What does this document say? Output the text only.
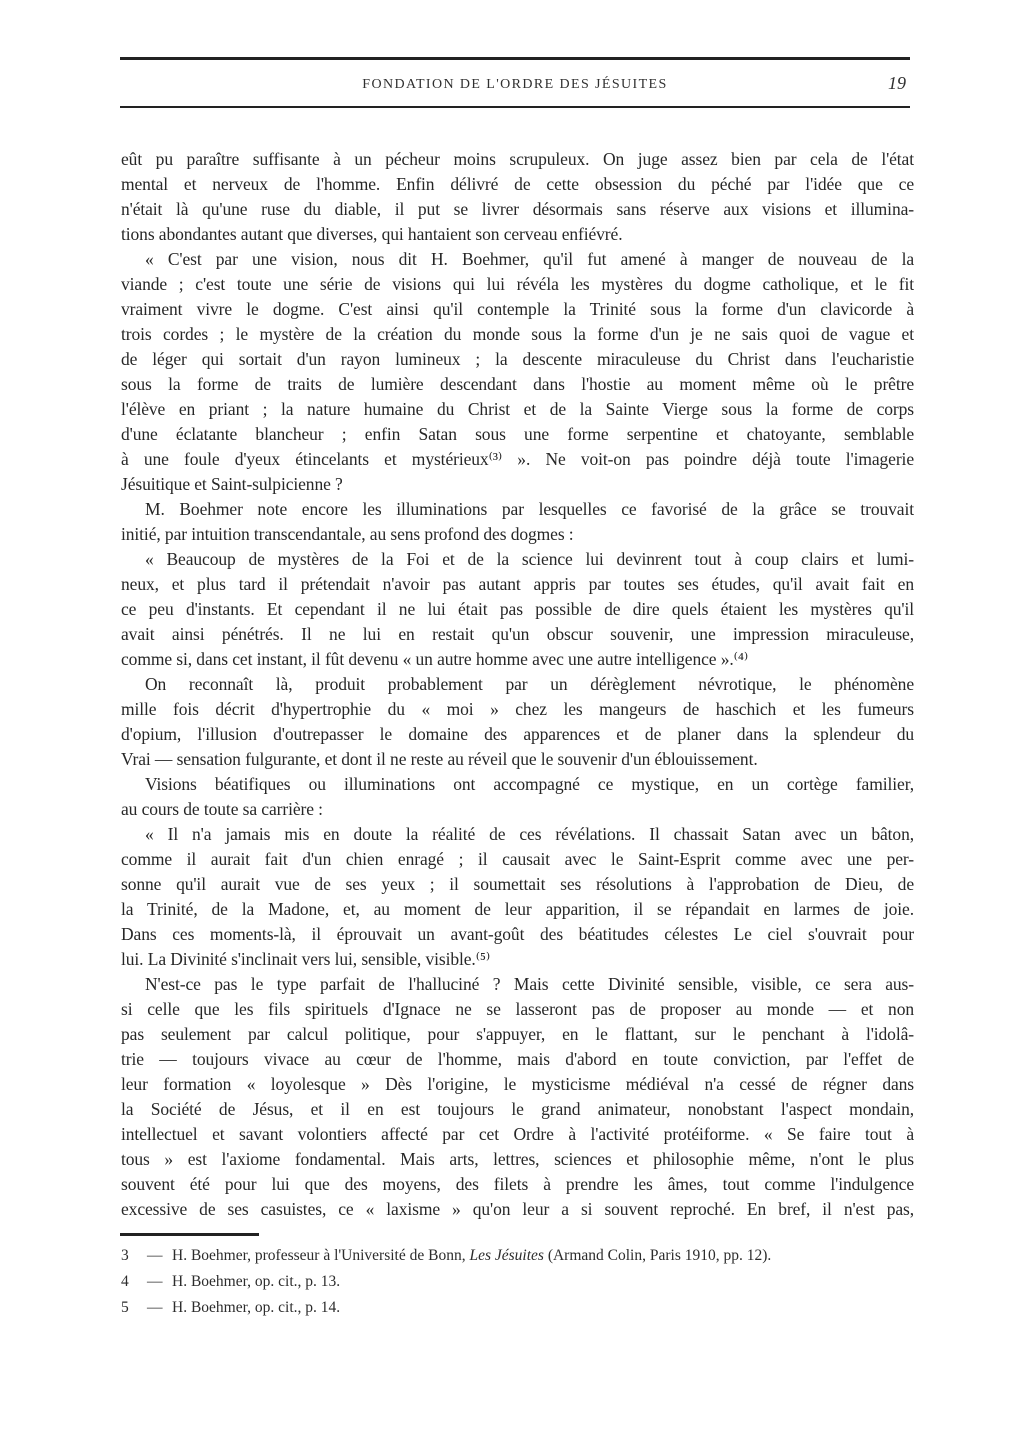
FONDATION DE L'ORDRE DES JÉSUITES	19
eût pu paraître suffisante à un pécheur moins scrupuleux. On juge assez bien par cela de l'état
mental et nerveux de l'homme. Enfin délivré de cette obsession du péché par l'idée que ce
n'était là qu'une ruse du diable, il put se livrer désormais sans réserve aux visions et illumina-
tions abondantes autant que diverses, qui hantaient son cerveau enfiévré.
« C'est par une vision, nous dit H. Boehmer, qu'il fut amené à manger de nouveau de la
viande ; c'est toute une série de visions qui lui révéla les mystères du dogme catholique, et le fit
vraiment vivre le dogme. C'est ainsi qu'il contemple la Trinité sous la forme d'un clavicorde à
trois cordes ; le mystère de la création du monde sous la forme d'un je ne sais quoi de vague et
de léger qui sortait d'un rayon lumineux ; la descente miraculeuse du Christ dans l'eucharistie
sous la forme de traits de lumière descendant dans l'hostie au moment même où le prêtre
l'élève en priant ; la nature humaine du Christ et de la Sainte Vierge sous la forme de corps
d'une éclatante blancheur ; enfin Satan sous une forme serpentine et chatoyante, semblable
à une foule d'yeux étincelants et mystérieux⁽³⁾ ». Ne voit-on pas poindre déjà toute l'imagerie
Jésuitique et Saint-sulpicienne ?
M. Boehmer note encore les illuminations par lesquelles ce favorisé de la grâce se trouvait
initié, par intuition transcendantale, au sens profond des dogmes :
« Beaucoup de mystères de la Foi et de la science lui devinrent tout à coup clairs et lumi-
neux, et plus tard il prétendait n'avoir pas autant appris par toutes ses études, qu'il avait fait en
ce peu d'instants. Et cependant il ne lui était pas possible de dire quels étaient les mystères qu'il
avait ainsi pénétrés. Il ne lui en restait qu'un obscur souvenir, une impression miraculeuse,
comme si, dans cet instant, il fût devenu « un autre homme avec une autre intelligence ».⁽⁴⁾
On reconnaît là, produit probablement par un dérèglement névrotique, le phénomène
mille fois décrit d'hypertrophie du « moi » chez les mangeurs de haschich et les fumeurs
d'opium, l'illusion d'outrepasser le domaine des apparences et de planer dans la splendeur du
Vrai — sensation fulgurante, et dont il ne reste au réveil que le souvenir d'un éblouissement.
Visions béatifiques ou illuminations ont accompagné ce mystique, en un cortège familier,
au cours de toute sa carrière :
« Il n'a jamais mis en doute la réalité de ces révélations. Il chassait Satan avec un bâton,
comme il aurait fait d'un chien enragé ; il causait avec le Saint-Esprit comme avec une per-
sonne qu'il aurait vue de ses yeux ; il soumettait ses résolutions à l'approbation de Dieu, de
la Trinité, de la Madone, et, au moment de leur apparition, il se répandait en larmes de joie.
Dans ces moments-là, il éprouvait un avant-goût des béatitudes célestes Le ciel s'ouvrait pour
lui. La Divinité s'inclinait vers lui, sensible, visible.⁽⁵⁾
N'est-ce pas le type parfait de l'halluciné ? Mais cette Divinité sensible, visible, ce sera aus-
si celle que les fils spirituels d'Ignace ne se lasseront pas de proposer au monde — et non
pas seulement par calcul politique, pour s'appuyer, en le flattant, sur le penchant à l'idolâ-
trie — toujours vivace au cœur de l'homme, mais d'abord en toute conviction, par l'effet de
leur formation « loyolesque » Dès l'origine, le mysticisme médiéval n'a cessé de régner dans
la Société de Jésus, et il en est toujours le grand animateur, nonobstant l'aspect mondain,
intellectuel et savant volontiers affecté par cet Ordre à l'activité protéiforme. « Se faire tout à
tous » est l'axiome fondamental. Mais arts, lettres, sciences et philosophie même, n'ont le plus
souvent été pour lui que des moyens, des filets à prendre les âmes, tout comme l'indulgence
excessive de ses casuistes, ce « laxisme » qu'on leur a si souvent reproché. En bref, il n'est pas,
3	— H. Boehmer, professeur à l'Université de Bonn, Les Jésuites (Armand Colin, Paris 1910, pp. 12).
4	— H. Boehmer, op. cit., p. 13.
5	— H. Boehmer, op. cit., p. 14.
